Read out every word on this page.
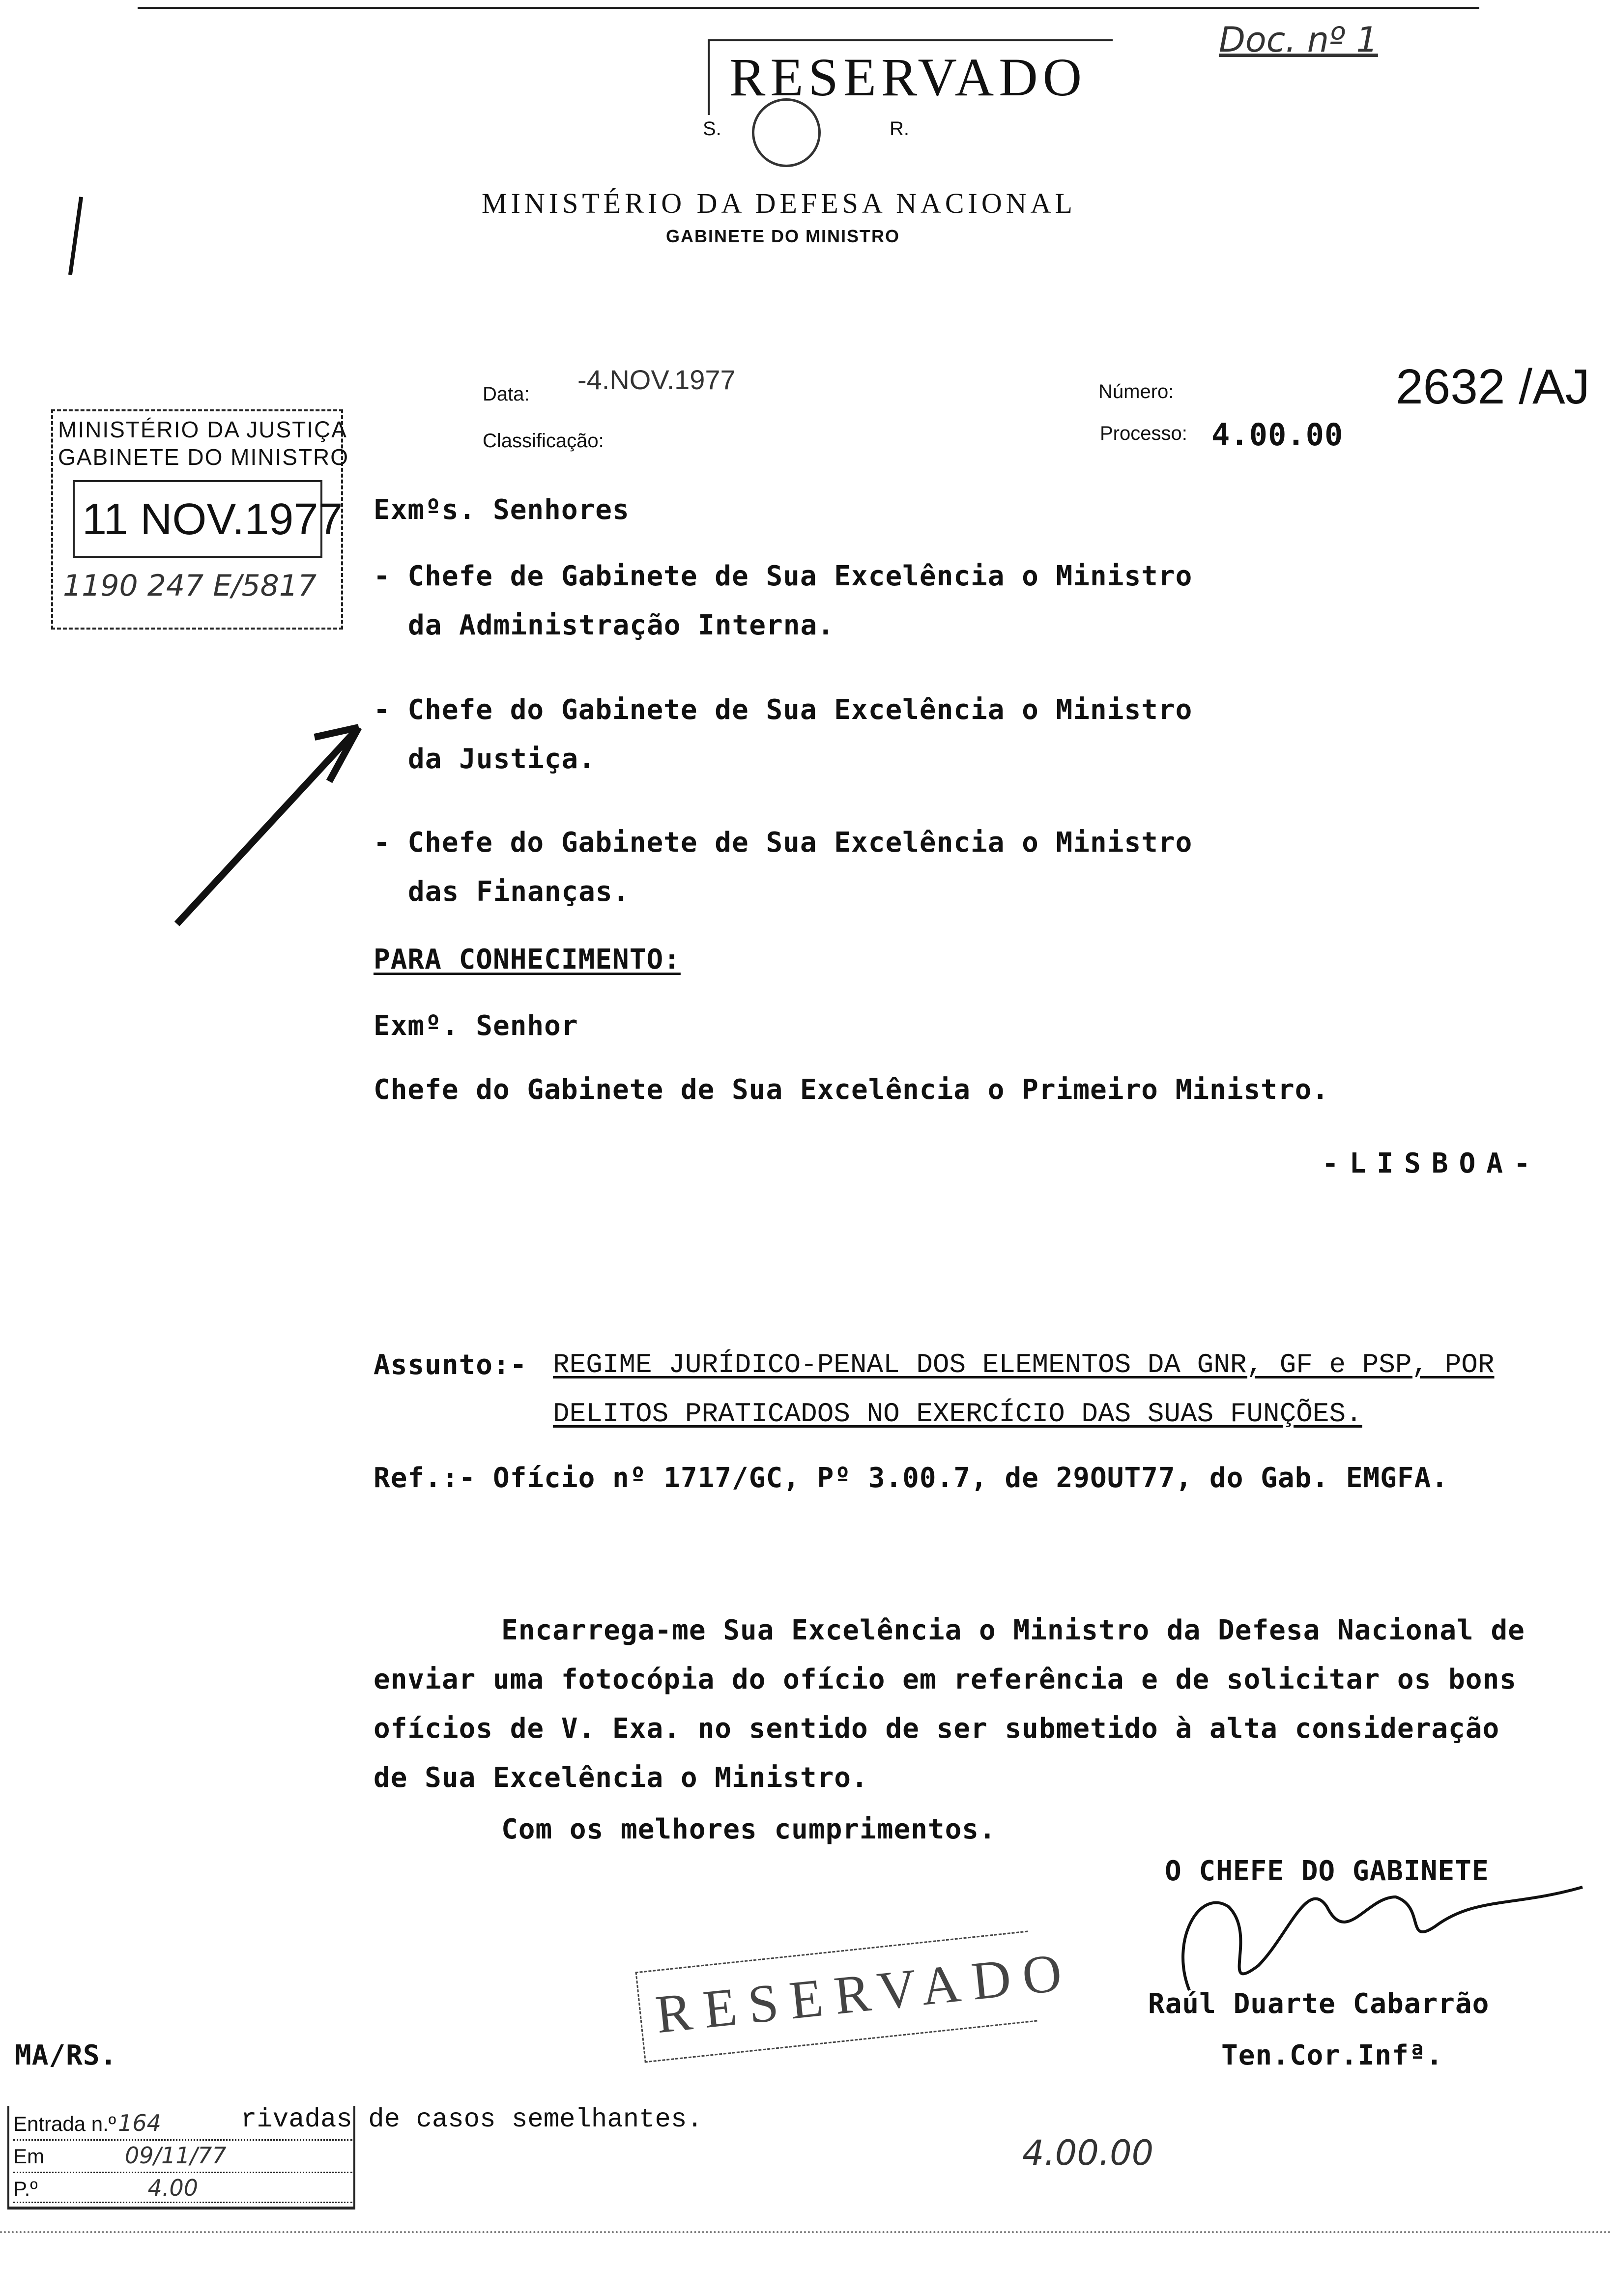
RESERVADO
S.	R.
MINISTÉRIO DA DEFESA NACIONAL
GABINETE DO MINISTRO
Doc. nº 1
Data: -4.NOV.1977
Classificação:
Número:	2632 /AJ
Processo: 4.00.00
MINISTÉRIO DA JUSTIÇA
GABINETE DO MINISTRO
11 NOV.1977
1190 247 E/5817
Exmºs. Senhores
- Chefe de Gabinete de Sua Excelência o Ministro
da Administração Interna.
- Chefe do Gabinete de Sua Excelência o Ministro
da Justiça.
- Chefe do Gabinete de Sua Excelência o Ministro
das Finanças.
PARA CONHECIMENTO:
Exmº. Senhor
Chefe do Gabinete de Sua Excelência o Primeiro Ministro.
-LISBOA-
Assunto:- REGIME JURÍDICO-PENAL DOS ELEMENTOS DA GNR, GF e PSP, POR
DELITOS PRATICADOS NO EXERCÍCIO DAS SUAS FUNÇÕES.
Ref.:- Ofício nº 1717/GC, Pº 3.00.7, de 29OUT77, do Gab. EMGFA.
Encarrega-me Sua Excelência o Ministro da Defesa Nacional de
enviar uma fotocópia do ofício em referência e de solicitar os bons
ofícios de V. Exa. no sentido de ser submetido à alta consideração
de Sua Excelência o Ministro.
Com os melhores cumprimentos.
O CHEFE DO GABINETE
Raúl Duarte Cabarrão
Ten.Cor.Infª.
MA/RS.
RESERVADO
Entrada n.º 164
Em	09/11/77
P.º	4.00
rivadas de casos semelhantes.
4.00.00
